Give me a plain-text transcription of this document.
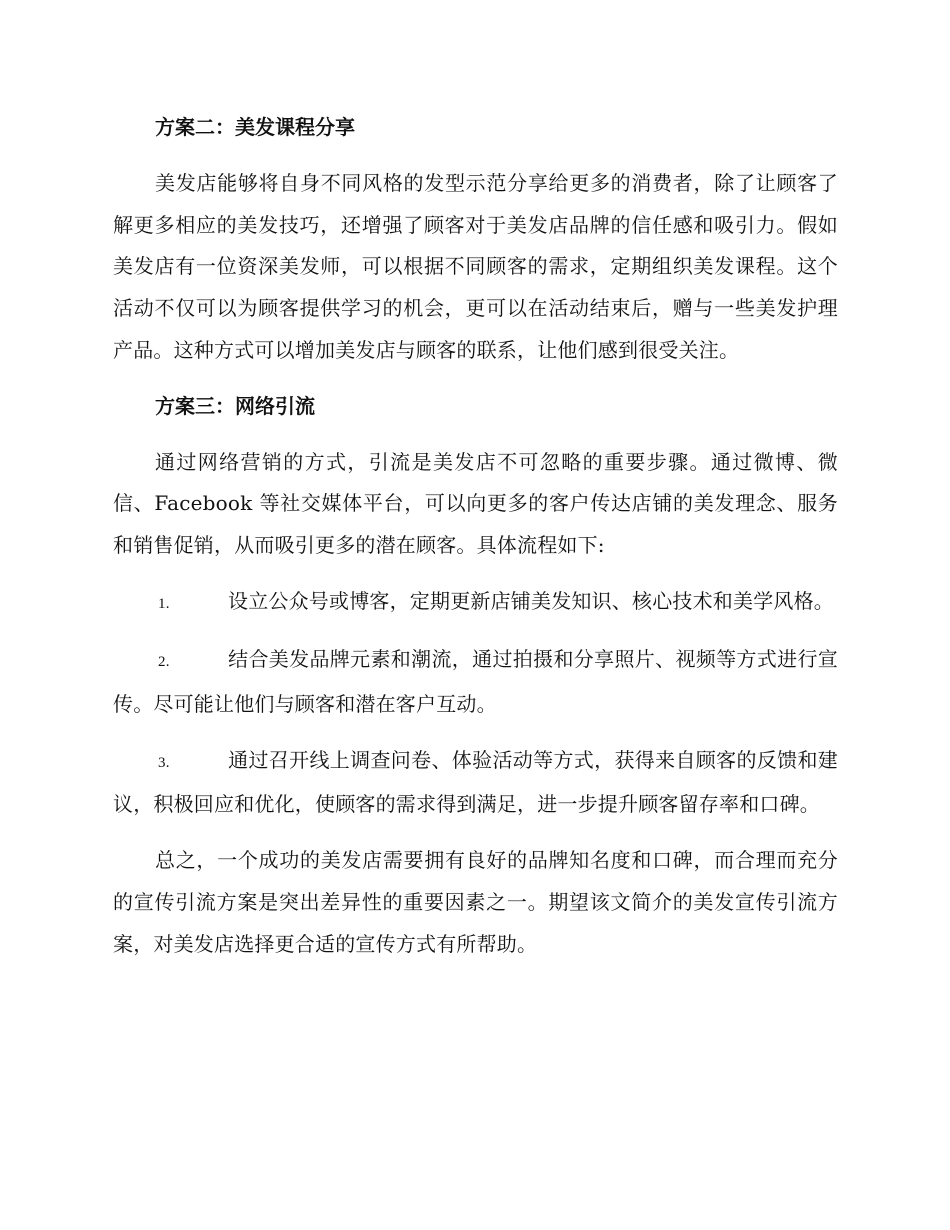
方案二：美发课程分享

美发店能够将自身不同风格的发型示范分享给更多的消费者，除了让顾客了解更多相应的美发技巧，还增强了顾客对于美发店品牌的信任感和吸引力。假如美发店有一位资深美发师，可以根据不同顾客的需求，定期组织美发课程。这个活动不仅可以为顾客提供学习的机会，更可以在活动结束后，赠与一些美发护理产品。这种方式可以增加美发店与顾客的联系，让他们感到很受关注。

方案三：网络引流

通过网络营销的方式，引流是美发店不可忽略的重要步骤。通过微博、微信、Facebook 等社交媒体平台，可以向更多的客户传达店铺的美发理念、服务和销售促销，从而吸引更多的潜在顾客。具体流程如下:

1.	设立公众号或博客，定期更新店铺美发知识、核心技术和美学风格。

2.	结合美发品牌元素和潮流，通过拍摄和分享照片、视频等方式进行宣传。尽可能让他们与顾客和潜在客户互动。

3.	通过召开线上调查问卷、体验活动等方式，获得来自顾客的反馈和建议，积极回应和优化，使顾客的需求得到满足，进一步提升顾客留存率和口碑。

总之，一个成功的美发店需要拥有良好的品牌知名度和口碑，而合理而充分的宣传引流方案是突出差异性的重要因素之一。期望该文简介的美发宣传引流方案，对美发店选择更合适的宣传方式有所帮助。
